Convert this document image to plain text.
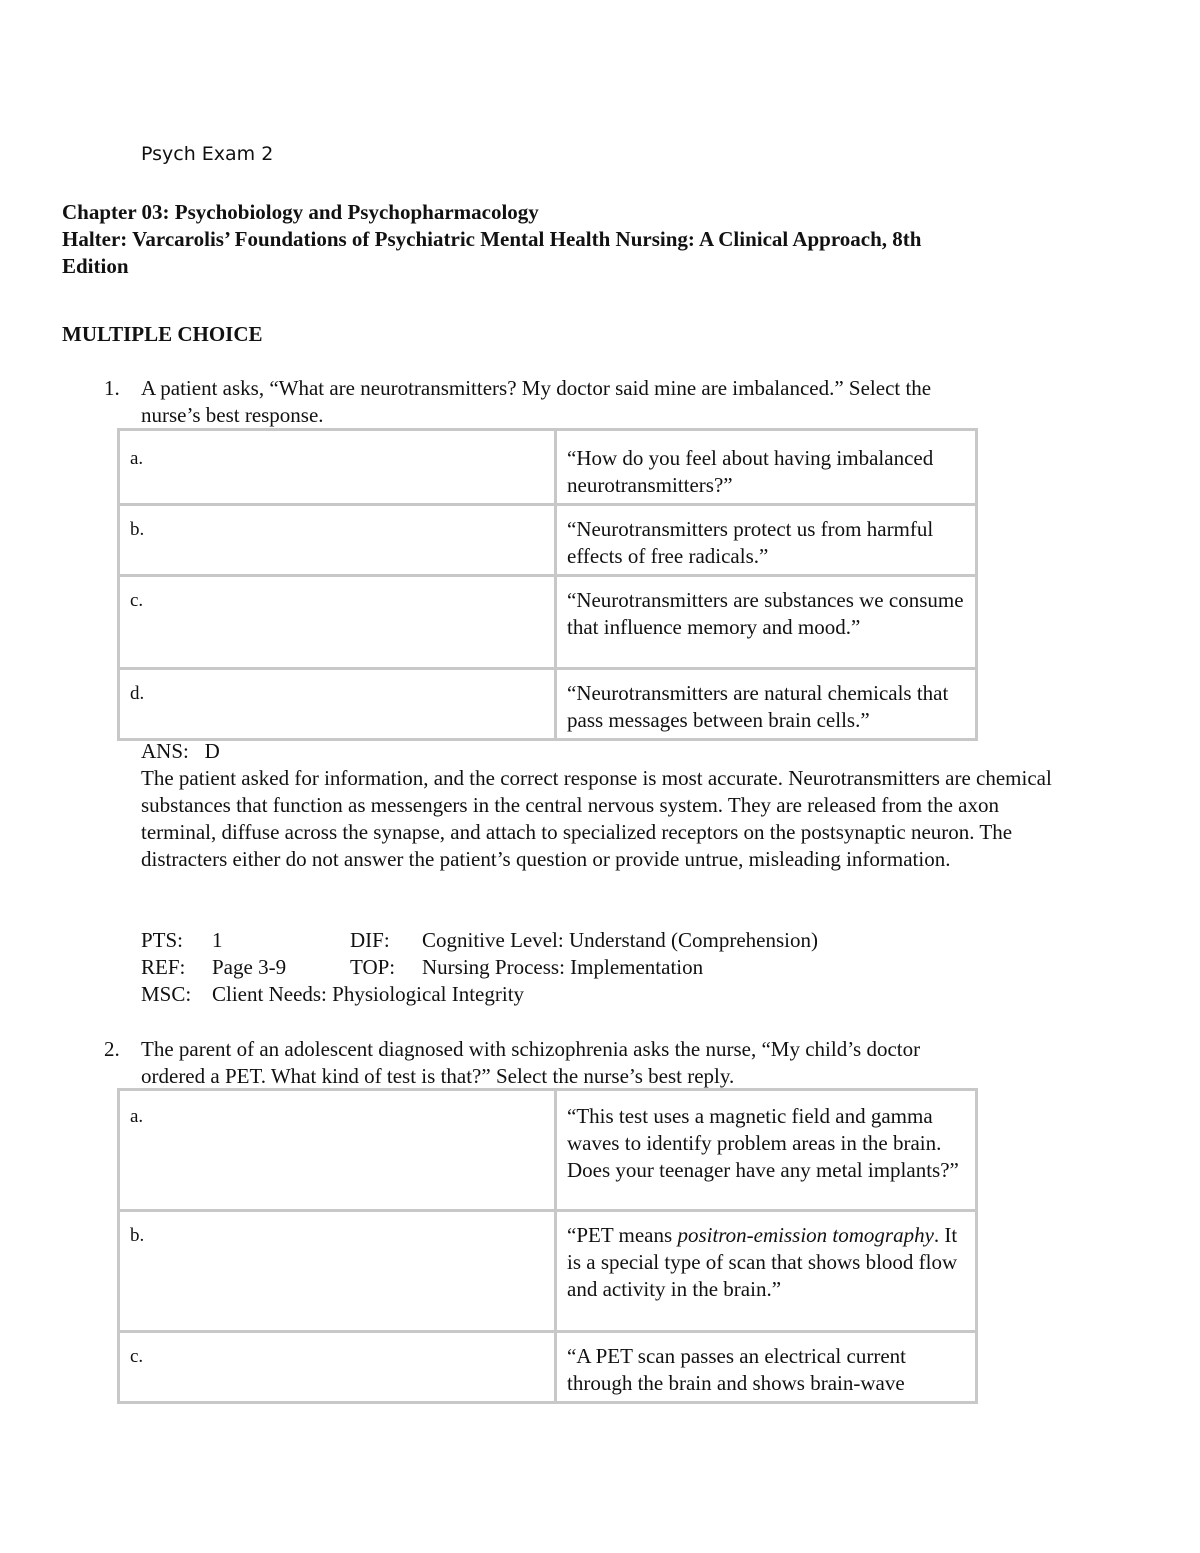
Psych Exam 2
Chapter 03: Psychobiology and Psychopharmacology
Halter: Varcarolis’ Foundations of Psychiatric Mental Health Nursing: A Clinical Approach, 8th
Edition
MULTIPLE CHOICE
1. A patient asks, “What are neurotransmitters? My doctor said mine are imbalanced.” Select the
nurse’s best response.
a.	“How do you feel about having imbalanced neurotransmitters?”
b.	“Neurotransmitters protect us from harmful effects of free radicals.”
c.	“Neurotransmitters are substances we consume that influence memory and mood.”
d.	“Neurotransmitters are natural chemicals that pass messages between brain cells.”
ANS:   D
The patient asked for information, and the correct response is most accurate. Neurotransmitters are chemical substances that function as messengers in the central nervous system. They are released from the axon terminal, diffuse across the synapse, and attach to specialized receptors on the postsynaptic neuron. The distracters either do not answer the patient’s question or provide untrue, misleading information.
PTS: 1	DIF: Cognitive Level: Understand (Comprehension)
REF: Page 3-9	TOP: Nursing Process: Implementation
MSC: Client Needs: Physiological Integrity
2. The parent of an adolescent diagnosed with schizophrenia asks the nurse, “My child’s doctor
ordered a PET. What kind of test is that?” Select the nurse’s best reply.
a.	“This test uses a magnetic field and gamma waves to identify problem areas in the brain. Does your teenager have any metal implants?”
b.	“PET means positron-emission tomography. It is a special type of scan that shows blood flow and activity in the brain.”
c.	“A PET scan passes an electrical current through the brain and shows brain-wave
